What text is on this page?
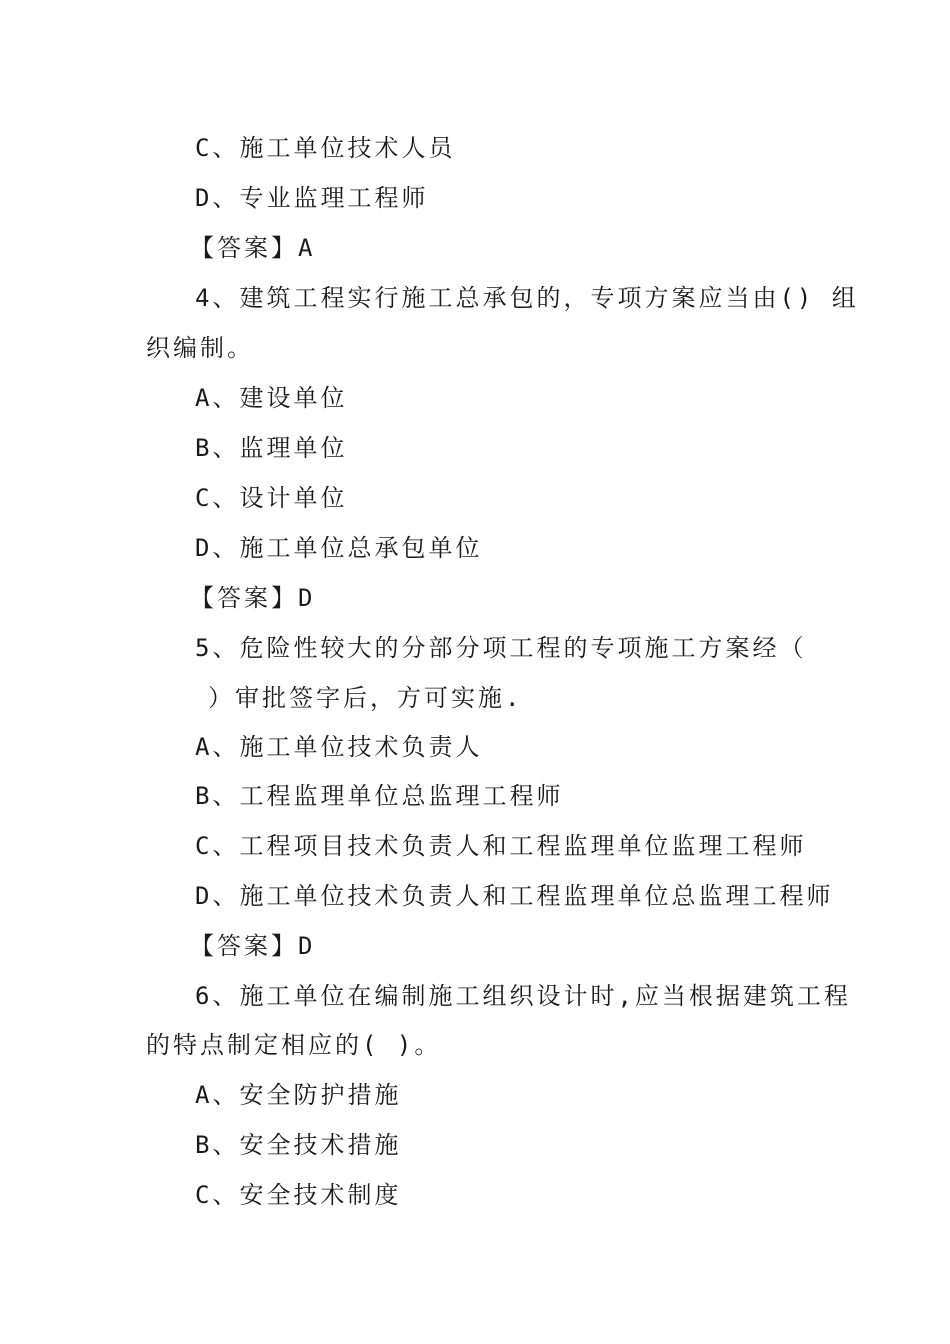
C、施工单位技术人员
D、专业监理工程师
【答案】A
4、建筑工程实行施工总承包的，专项方案应当由() 组
织编制。
A、建设单位
B、监理单位
C、设计单位
D、施工单位总承包单位
【答案】D
5、危险性较大的分部分项工程的专项施工方案经（
）审批签字后，方可实施.
A、施工单位技术负责人
B、工程监理单位总监理工程师
C、工程项目技术负责人和工程监理单位监理工程师
D、施工单位技术负责人和工程监理单位总监理工程师
【答案】D
6、施工单位在编制施工组织设计时,应当根据建筑工程
的特点制定相应的( )。
A、安全防护措施
B、安全技术措施
C、安全技术制度
